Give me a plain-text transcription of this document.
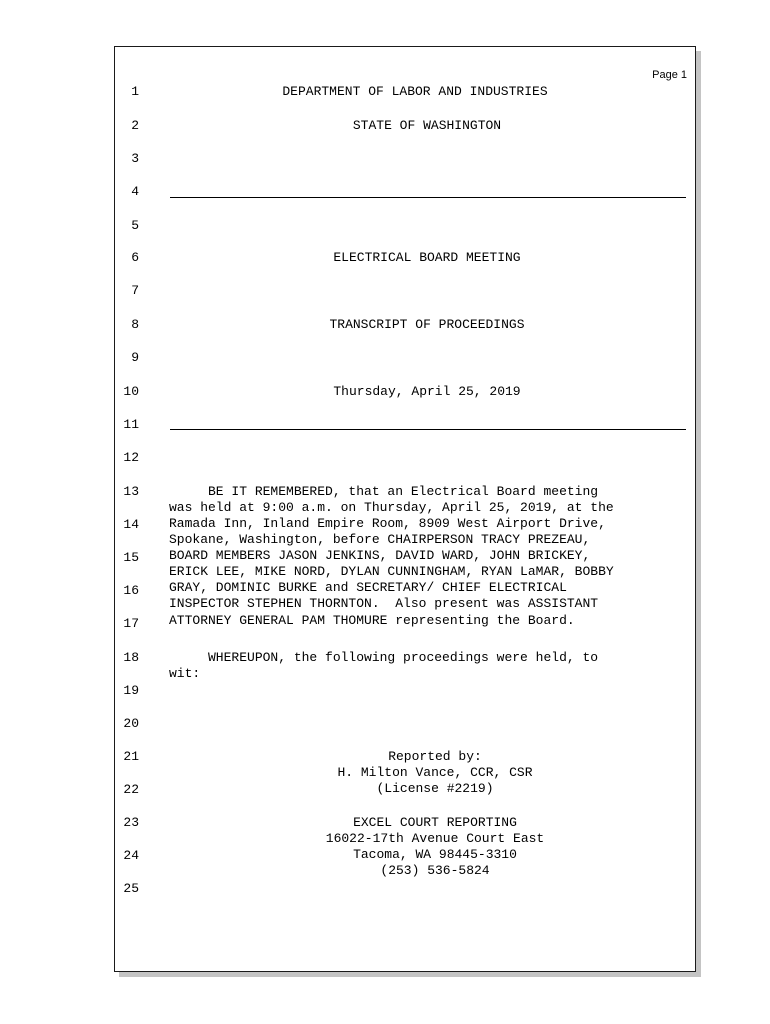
Page 1
1
2
3
4
5
6
7
8
9
10
11
12
13
14
15
16
17
18
19
20
21
22
23
24
25
DEPARTMENT OF LABOR AND INDUSTRIES
STATE OF WASHINGTON
ELECTRICAL BOARD MEETING
TRANSCRIPT OF PROCEEDINGS
Thursday, April 25, 2019
BE IT REMEMBERED, that an Electrical Board meeting
was held at 9:00 a.m. on Thursday, April 25, 2019, at the
Ramada Inn, Inland Empire Room, 8909 West Airport Drive,
Spokane, Washington, before CHAIRPERSON TRACY PREZEAU,
BOARD MEMBERS JASON JENKINS, DAVID WARD, JOHN BRICKEY,
ERICK LEE, MIKE NORD, DYLAN CUNNINGHAM, RYAN LaMAR, BOBBY
GRAY, DOMINIC BURKE and SECRETARY/ CHIEF ELECTRICAL
INSPECTOR STEPHEN THORNTON.  Also present was ASSISTANT
ATTORNEY GENERAL PAM THOMURE representing the Board.
WHEREUPON, the following proceedings were held, to
wit:
Reported by:
H. Milton Vance, CCR, CSR
(License #2219)
EXCEL COURT REPORTING
16022-17th Avenue Court East
Tacoma, WA 98445-3310
(253) 536-5824
